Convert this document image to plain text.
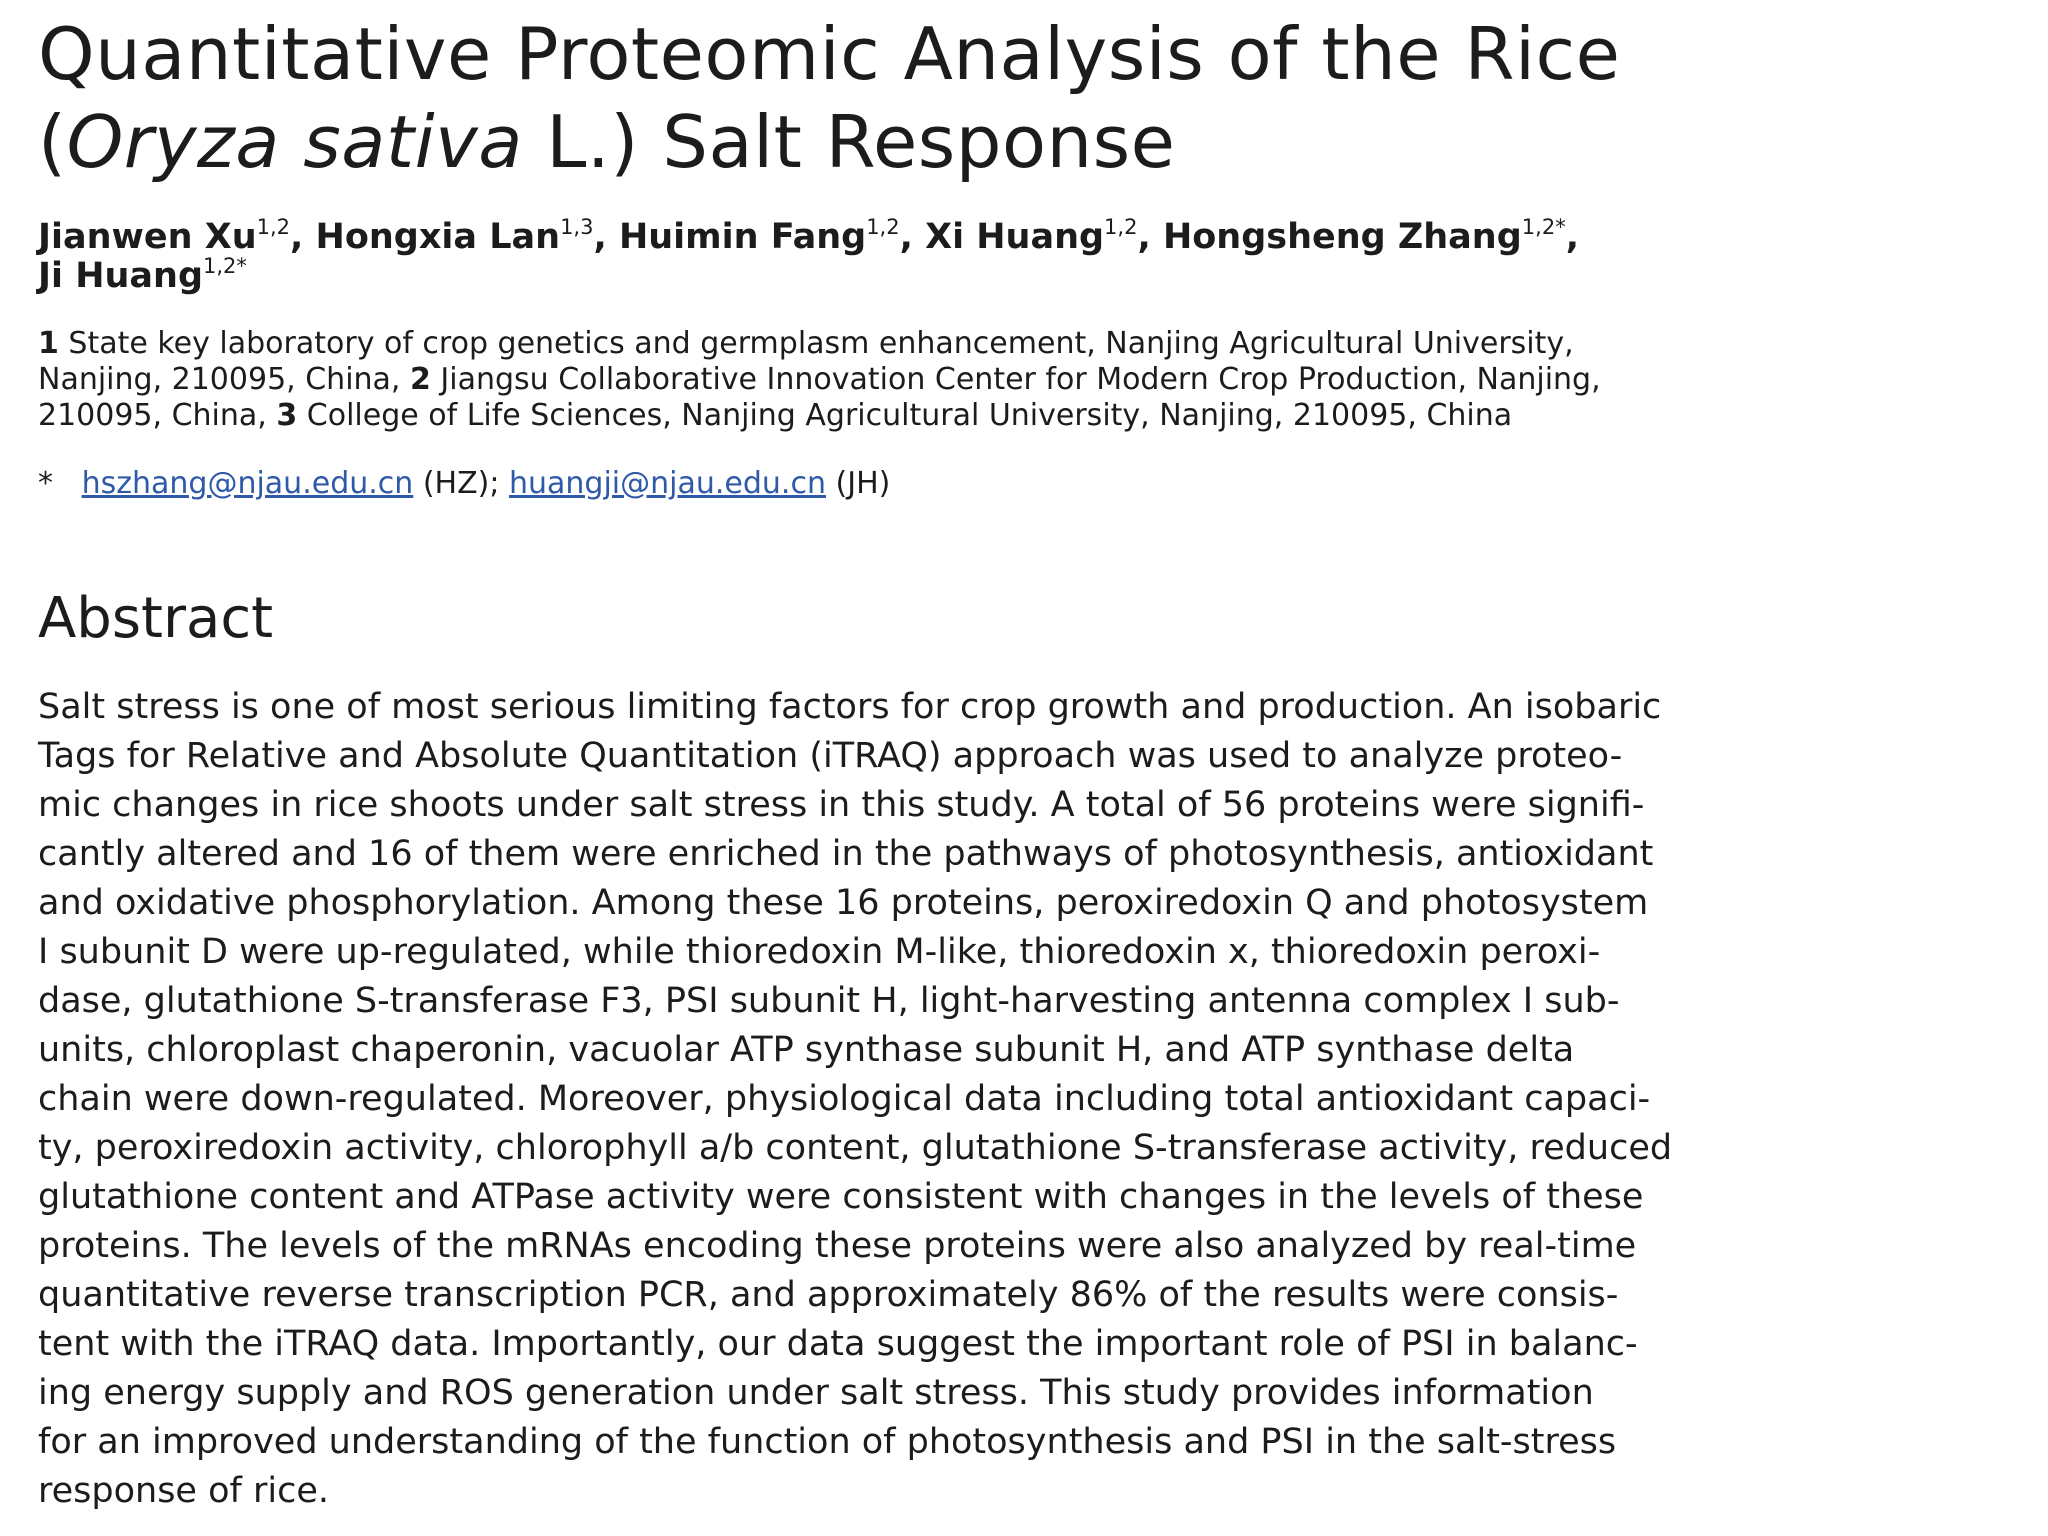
Quantitative Proteomic Analysis of the Rice
(Oryza sativa L.) Salt Response
Jianwen Xu$^{1,2}$, Hongxia Lan$^{1,3}$, Huimin Fang$^{1,2}$, Xi Huang$^{1,2}$, Hongsheng Zhang$^{1,2*}$,
Ji Huang$^{1,2*}$
1 State key laboratory of crop genetics and germplasm enhancement, Nanjing Agricultural University,
Nanjing, 210095, China, 2 Jiangsu Collaborative Innovation Center for Modern Crop Production, Nanjing,
210095, China, 3 College of Life Sciences, Nanjing Agricultural University, Nanjing, 210095, China
* hszhang@njau.edu.cn (HZ); huangji@njau.edu.cn (JH)
Abstract
Salt stress is one of most serious limiting factors for crop growth and production. An isobaric
Tags for Relative and Absolute Quantitation (iTRAQ) approach was used to analyze proteo-
mic changes in rice shoots under salt stress in this study. A total of 56 proteins were signifi-
cantly altered and 16 of them were enriched in the pathways of photosynthesis, antioxidant
and oxidative phosphorylation. Among these 16 proteins, peroxiredoxin Q and photosystem
I subunit D were up-regulated, while thioredoxin M-like, thioredoxin x, thioredoxin peroxi-
dase, glutathione S-transferase F3, PSI subunit H, light-harvesting antenna complex I sub-
units, chloroplast chaperonin, vacuolar ATP synthase subunit H, and ATP synthase delta
chain were down-regulated. Moreover, physiological data including total antioxidant capaci-
ty, peroxiredoxin activity, chlorophyll a/b content, glutathione S-transferase activity, reduced
glutathione content and ATPase activity were consistent with changes in the levels of these
proteins. The levels of the mRNAs encoding these proteins were also analyzed by real-time
quantitative reverse transcription PCR, and approximately 86% of the results were consis-
tent with the iTRAQ data. Importantly, our data suggest the important role of PSI in balanc-
ing energy supply and ROS generation under salt stress. This study provides information
for an improved understanding of the function of photosynthesis and PSI in the salt-stress
response of rice.
